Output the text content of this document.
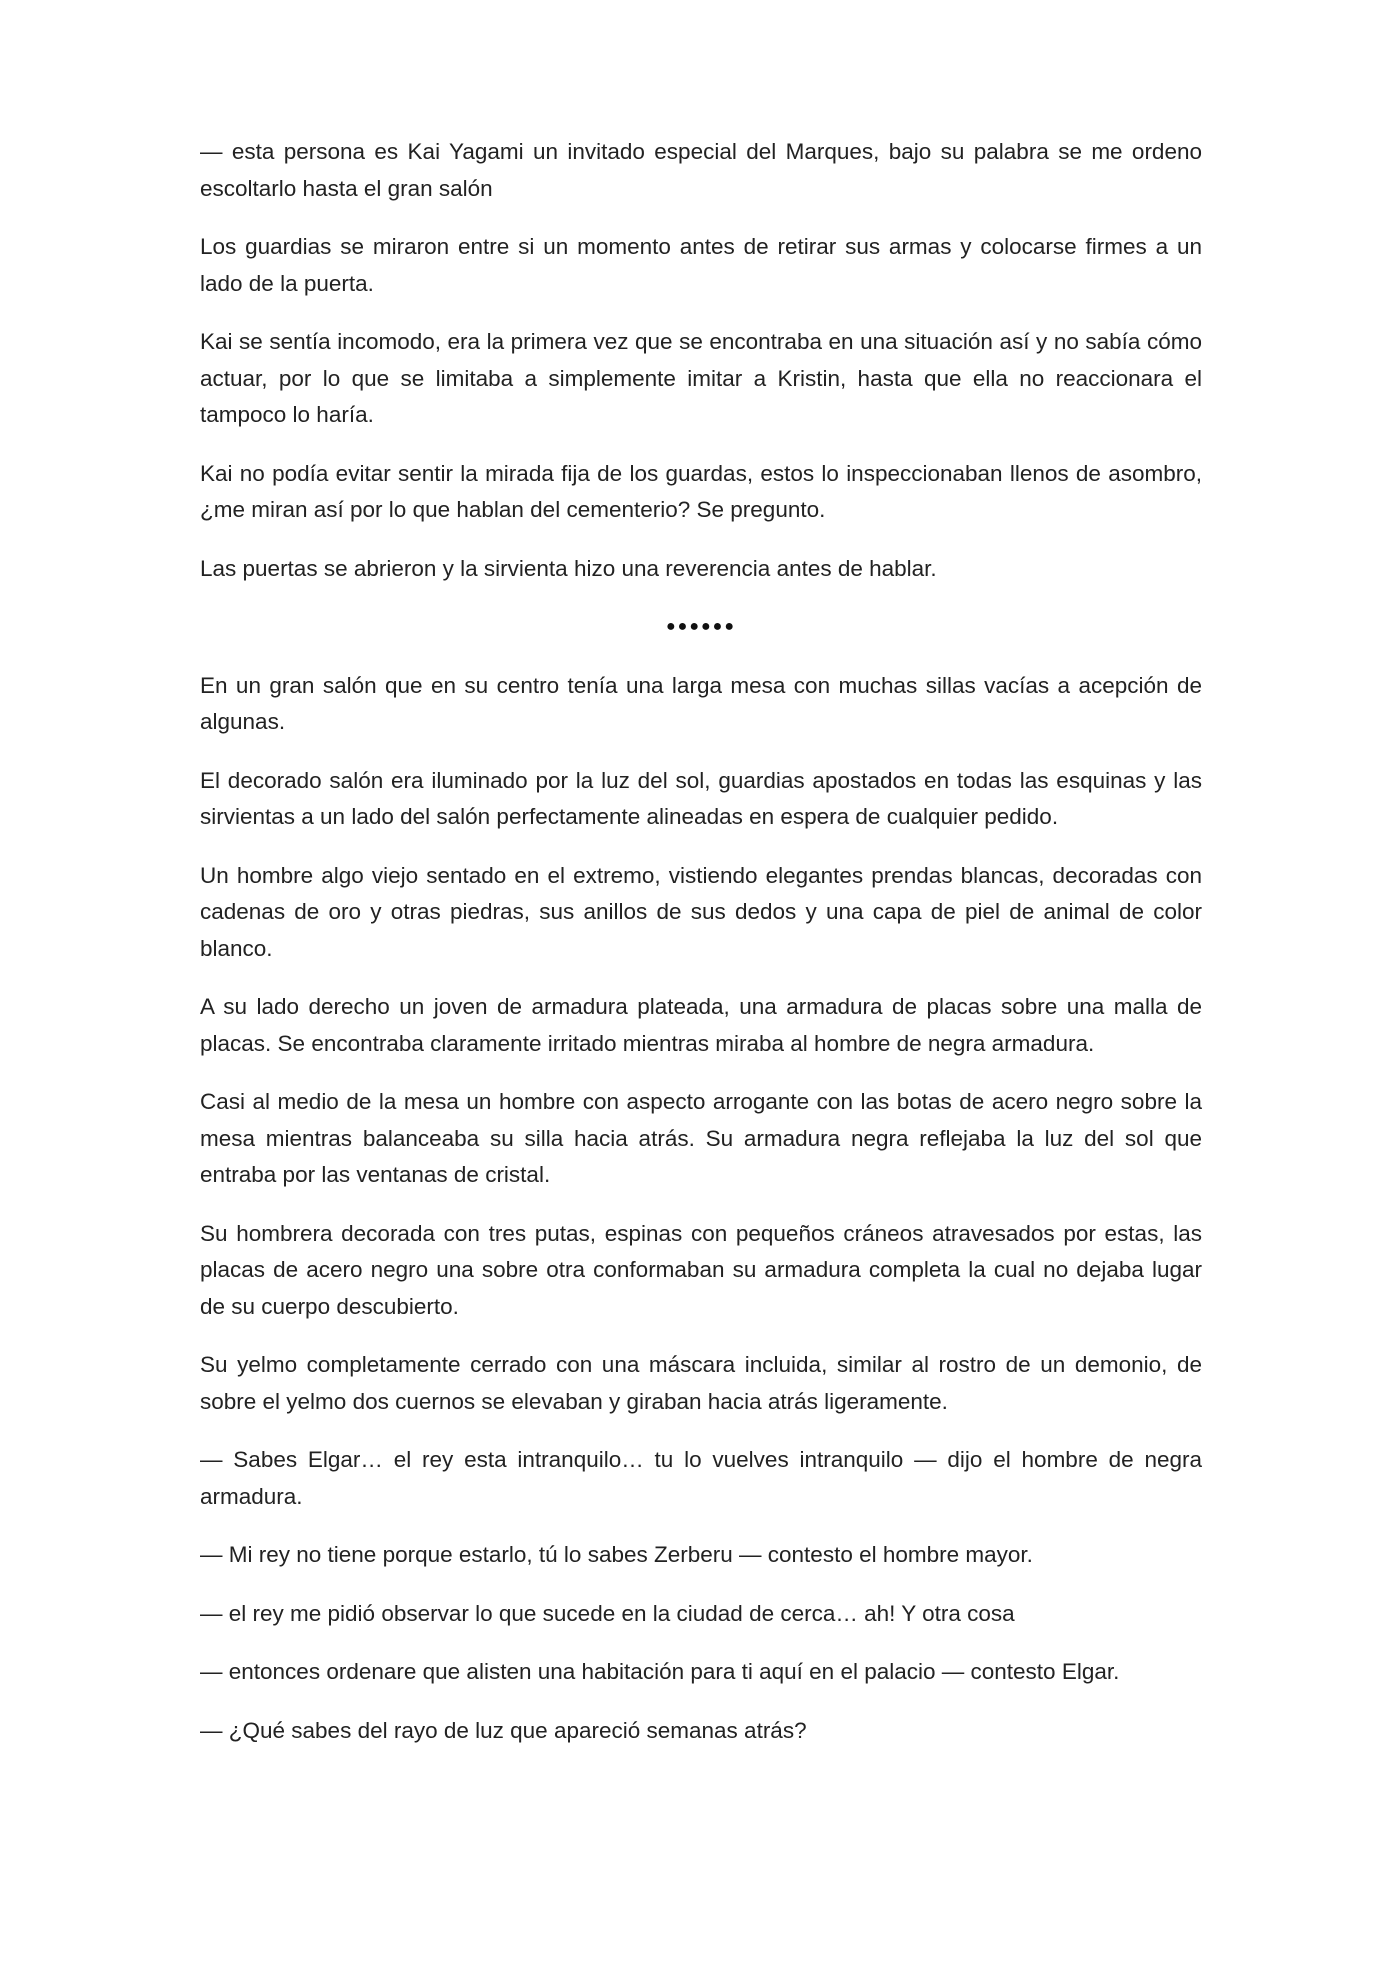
— esta persona es Kai Yagami un invitado especial del Marques, bajo su palabra se me ordeno escoltarlo hasta el gran salón

Los guardias se miraron entre si un momento antes de retirar sus armas y colocarse firmes a un lado de la puerta.

Kai se sentía incomodo, era la primera vez que se encontraba en una situación así y no sabía cómo actuar, por lo que se limitaba a simplemente imitar a Kristin, hasta que ella no reaccionara el tampoco lo haría.

Kai no podía evitar sentir la mirada fija de los guardas, estos lo inspeccionaban llenos de asombro, ¿me miran así por lo que hablan del cementerio? Se pregunto.

Las puertas se abrieron y la sirvienta hizo una reverencia antes de hablar.

●●●●●●

En un gran salón que en su centro tenía una larga mesa con muchas sillas vacías a acepción de algunas.

El decorado salón era iluminado por la luz del sol, guardias apostados en todas las esquinas y las sirvientas a un lado del salón perfectamente alineadas en espera de cualquier pedido.

Un hombre algo viejo sentado en el extremo, vistiendo elegantes prendas blancas, decoradas con cadenas de oro y otras piedras, sus anillos de sus dedos y una capa de piel de animal de color blanco.

A su lado derecho un joven de armadura plateada, una armadura de placas sobre una malla de placas. Se encontraba claramente irritado mientras miraba al hombre de negra armadura.

Casi al medio de la mesa un hombre con aspecto arrogante con las botas de acero negro sobre la mesa mientras balanceaba su silla hacia atrás. Su armadura negra reflejaba la luz del sol que entraba por las ventanas de cristal.

Su hombrera decorada con tres putas, espinas con pequeños cráneos atravesados por estas, las placas de acero negro una sobre otra conformaban su armadura completa la cual no dejaba lugar de su cuerpo descubierto.

Su yelmo completamente cerrado con una máscara incluida, similar al rostro de un demonio, de sobre el yelmo dos cuernos se elevaban y giraban hacia atrás ligeramente.

— Sabes Elgar… el rey esta intranquilo… tu lo vuelves intranquilo — dijo el hombre de negra armadura.

— Mi rey no tiene porque estarlo, tú lo sabes Zerberu — contesto el hombre mayor.

— el rey me pidió observar lo que sucede en la ciudad de cerca… ah! Y otra cosa

— entonces ordenare que alisten una habitación para ti aquí en el palacio — contesto Elgar.

— ¿Qué sabes del rayo de luz que apareció semanas atrás?
